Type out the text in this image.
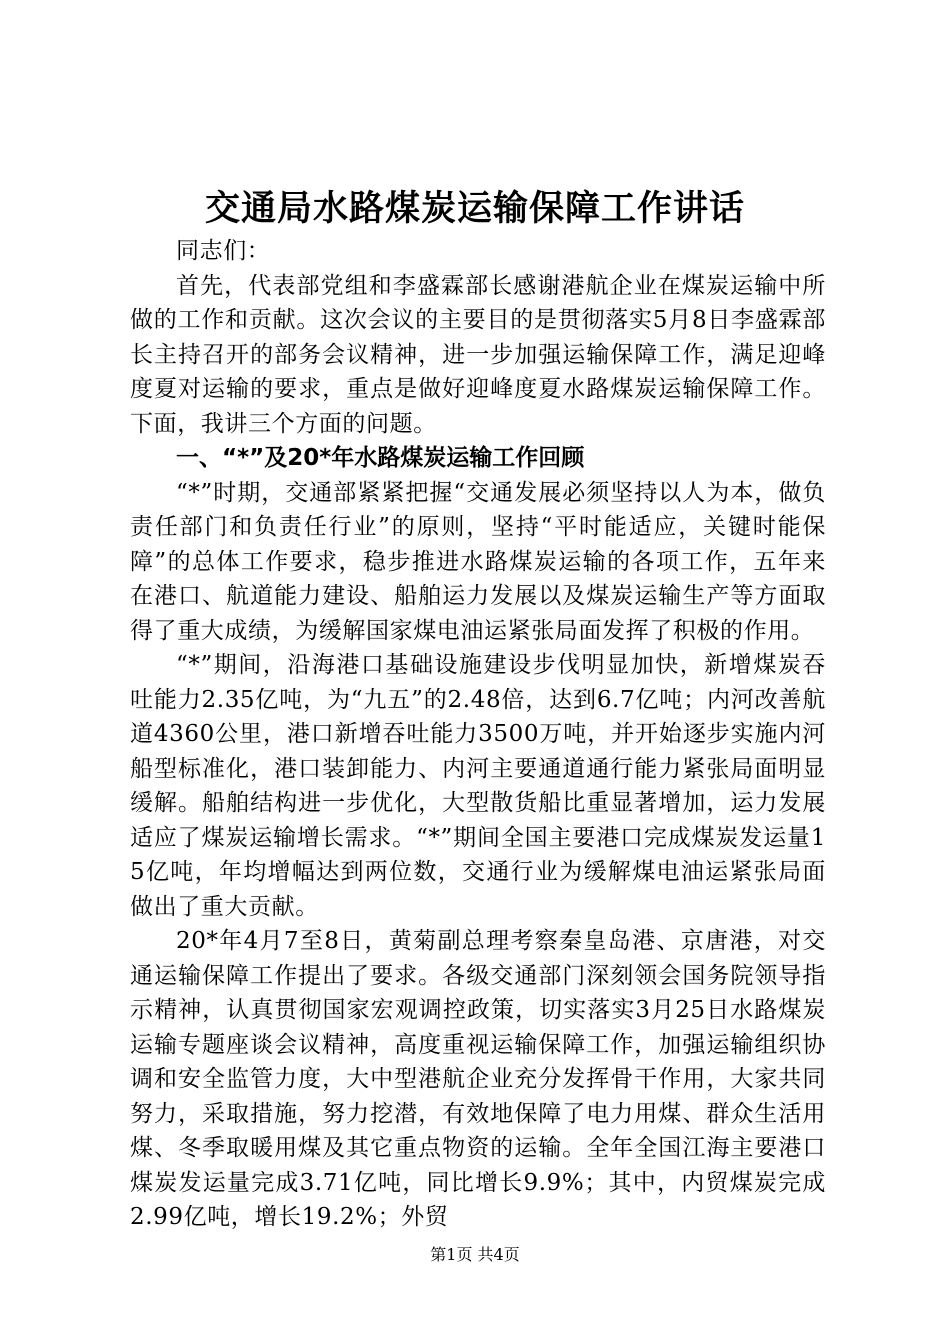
交通局水路煤炭运输保障工作讲话

同志们：

首先，代表部党组和李盛霖部长感谢港航企业在煤炭运输中所做的工作和贡献。这次会议的主要目的是贯彻落实5月8日李盛霖部长主持召开的部务会议精神，进一步加强运输保障工作，满足迎峰度夏对运输的要求，重点是做好迎峰度夏水路煤炭运输保障工作。下面，我讲三个方面的问题。

一、“*”及20*年水路煤炭运输工作回顾

“*”时期，交通部紧紧把握“交通发展必须坚持以人为本，做负责任部门和负责任行业”的原则，坚持“平时能适应，关键时能保障”的总体工作要求，稳步推进水路煤炭运输的各项工作，五年来在港口、航道能力建设、船舶运力发展以及煤炭运输生产等方面取得了重大成绩，为缓解国家煤电油运紧张局面发挥了积极的作用。

“*”期间，沿海港口基础设施建设步伐明显加快，新增煤炭吞吐能力2.35亿吨，为“九五”的2.48倍，达到6.7亿吨；内河改善航道4360公里，港口新增吞吐能力3500万吨，并开始逐步实施内河船型标准化，港口装卸能力、内河主要通道通行能力紧张局面明显缓解。船舶结构进一步优化，大型散货船比重显著增加，运力发展适应了煤炭运输增长需求。“*”期间全国主要港口完成煤炭发运量15亿吨，年均增幅达到两位数，交通行业为缓解煤电油运紧张局面做出了重大贡献。

20*年4月7至8日，黄菊副总理考察秦皇岛港、京唐港，对交通运输保障工作提出了要求。各级交通部门深刻领会国务院领导指示精神，认真贯彻国家宏观调控政策，切实落实3月25日水路煤炭运输专题座谈会议精神，高度重视运输保障工作，加强运输组织协调和安全监管力度，大中型港航企业充分发挥骨干作用，大家共同努力，采取措施，努力挖潜，有效地保障了电力用煤、群众生活用煤、冬季取暖用煤及其它重点物资的运输。全年全国江海主要港口煤炭发运量完成3.71亿吨，同比增长9.9%；其中，内贸煤炭完成2.99亿吨，增长19.2%；外贸

第1页 共4页
